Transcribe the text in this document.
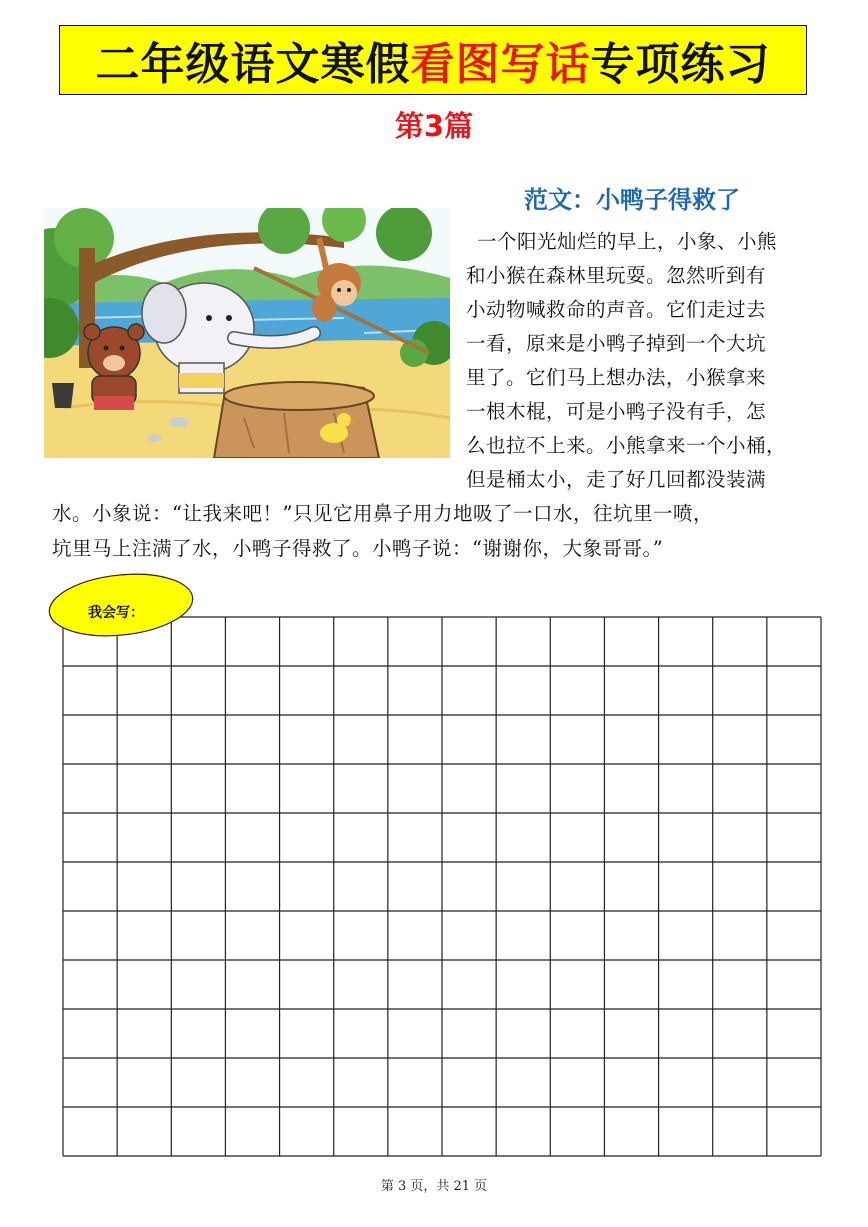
二年级语文寒假 看图写话 专项练习
第3篇
范文：小鸭子得救了
一个阳光灿烂的早上，小象、小熊
和小猴在森林里玩耍。忽然听到有
小动物喊救命的声音。它们走过去
一看，原来是小鸭子掉到一个大坑
里了。它们马上想办法，小猴拿来
一根木棍，可是小鸭子没有手，怎
么也拉不上来。小熊拿来一个小桶，
但是桶太小，走了好几回都没装满
水。小象说：“让我来吧！”只见它用鼻子用力地吸了一口水，往坑里一喷，
坑里马上注满了水，小鸭子得救了。小鸭子说：“谢谢你，大象哥哥。”
我会写：
第 3 页，共 21 页
